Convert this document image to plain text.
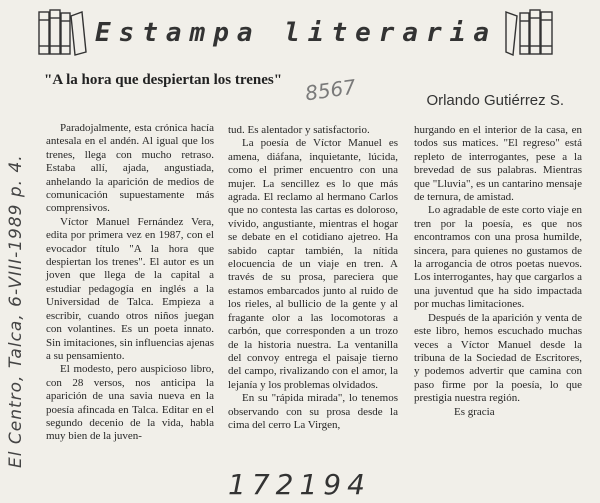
Estampa literaria
"A la hora que despiertan los trenes" 8567	Orlando Gutiérrez S.
El Centro, Talca, 6-VIII-1989 p. 4.

Paradojalmente, esta crónica hacía antesala en el andén. Al igual que los trenes, llega con mucho retraso. Estaba allí, ajada, angustiada, anhelando la aparición de medios de comunicación supuestamente más comprensivos.

Víctor Manuel Fernández Vera, edita por primera vez en 1987, con el evocador título "A la hora que despiertan los trenes". El autor es un joven que llega de la capital a estudiar pedagogía en inglés a la Universidad de Talca. Empieza a escribir, cuando otros niños juegan con volantines. Es un poeta innato. Sin imitaciones, sin influencias ajenas a su pensamiento.

El modesto, pero auspicioso libro, con 28 versos, nos anticipa la aparición de una savia nueva en la poesía afincada en Talca. Editar en el segundo decenio de la vida, habla muy bien de la juven-

tud. Es alentador y satisfactorio.

La poesía de Víctor Manuel es amena, diáfana, inquietante, lúcida, como el primer encuentro con una mujer. La sencillez es lo que más agrada. El reclamo al hermano Carlos que no contesta las cartas es doloroso, vívido, angustiante, mientras el hogar se debate en el cotidiano ajetreo. Ha sabido captar también, la nítida elocuencia de un viaje en tren. A través de su prosa, pareciera que estamos embarcados junto al ruido de los rieles, al bullicio de la gente y al fragante olor a las locomotoras a carbón, que corresponden a un trozo de la historia nuestra. La ventanilla del convoy entrega el paisaje tierno del campo, rivalizando con el amor, la lejanía y los problemas olvidados.

En su "rápida mirada", lo tenemos observando con su prosa desde la cima del cerro La Virgen,

hurgando en el interior de la casa, en todos sus matices. "El regreso" está repleto de interrogantes, pese a la brevedad de sus palabras. Mientras que "Lluvia", es un cantarino mensaje de ternura, de amistad.

Lo agradable de este corto viaje en tren por la poesía, es que nos encontramos con una prosa humilde, sincera, para quienes no gustamos de la arrogancia de otros poetas nuevos. Los interrogantes, hay que cargarlos a una juventud que ha sido impactada por muchas limitaciones.

Después de la aparición y venta de este libro, hemos escuchado muchas veces a Víctor Manuel desde la tribuna de la Sociedad de Escritores, y podemos advertir que camina con paso firme por la poesía, lo que prestigia nuestra región.

Es gracia

172194
